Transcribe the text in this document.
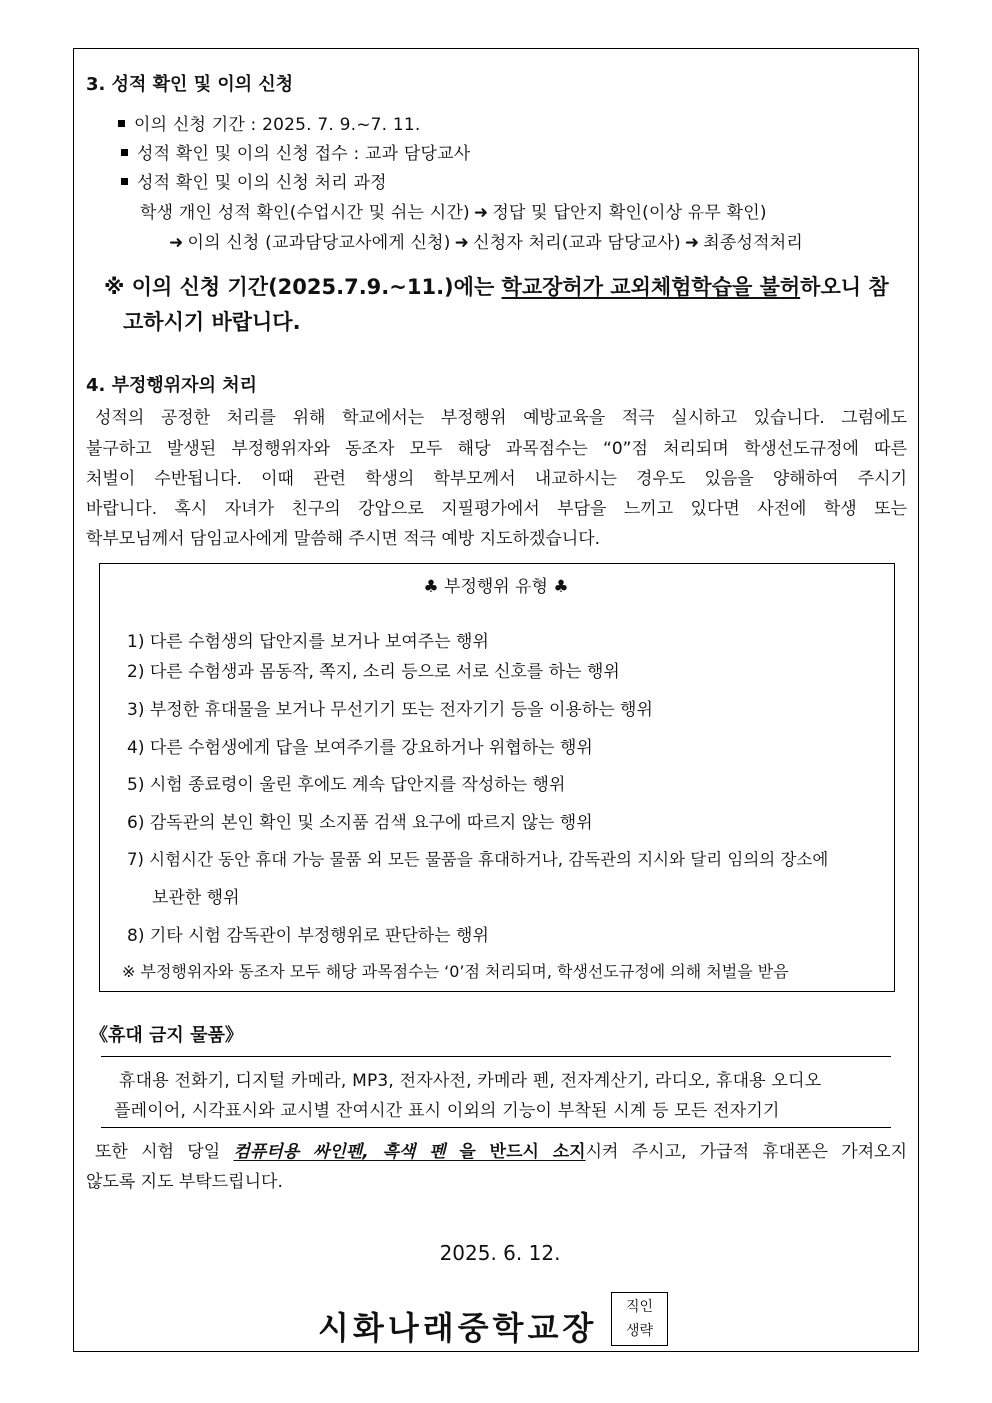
3. 성적 확인 및 이의 신청
이의 신청 기간 : 2025. 7. 9.~7. 11.
성적 확인 및 이의 신청 접수 : 교과 담당교사
성적 확인 및 이의 신청 처리 과정
학생 개인 성적 확인(수업시간 및 쉬는 시간) ➜ 정답 및 답안지 확인(이상 유무 확인)
➜ 이의 신청 (교과담당교사에게 신청) ➜ 신청자 처리(교과 담당교사) ➜ 최종성적처리
※ 이의 신청 기간(2025.7.9.~11.)에는 학교장허가 교외체험학습을 불허하오니 참
고하시기 바랍니다.
4. 부정행위자의 처리
성적의 공정한 처리를 위해 학교에서는 부정행위 예방교육을 적극 실시하고 있습니다. 그럼에도
불구하고 발생된 부정행위자와 동조자 모두 해당 과목점수는 “0”점 처리되며 학생선도규정에 따른
처벌이 수반됩니다. 이때 관련 학생의 학부모께서 내교하시는 경우도 있음을 양해하여 주시기
바랍니다. 혹시 자녀가 친구의 강압으로 지필평가에서 부담을 느끼고 있다면 사전에 학생 또는
학부모님께서 담임교사에게 말씀해 주시면 적극 예방 지도하겠습니다.
♣ 부정행위 유형 ♣
1) 다른 수험생의 답안지를 보거나 보여주는 행위
2) 다른 수험생과 몸동작, 쪽지, 소리 등으로 서로 신호를 하는 행위
3) 부정한 휴대물을 보거나 무선기기 또는 전자기기 등을 이용하는 행위
4) 다른 수험생에게 답을 보여주기를 강요하거나 위협하는 행위
5) 시험 종료령이 울린 후에도 계속 답안지를 작성하는 행위
6) 감독관의 본인 확인 및 소지품 검색 요구에 따르지 않는 행위
7) 시험시간 동안 휴대 가능 물품 외 모든 물품을 휴대하거나, 감독관의 지시와 달리 임의의 장소에
보관한 행위
8) 기타 시험 감독관이 부정행위로 판단하는 행위
※ 부정행위자와 동조자 모두 해당 과목점수는 ‘0’점 처리되며, 학생선도규정에 의해 처벌을 받음
《휴대 금지 물품》
휴대용 전화기, 디지털 카메라, MP3, 전자사전, 카메라 펜, 전자계산기, 라디오, 휴대용 오디오
플레이어, 시각표시와 교시별 잔여시간 표시 이외의 기능이 부착된 시계 등 모든 전자기기
또한 시험 당일 컴퓨터용 싸인펜, 흑색 펜 을 반드시 소지시켜 주시고, 가급적 휴대폰은 가져오지
않도록 지도 부탁드립니다.
2025. 6. 12.
시화나래중학교장
직인
생략
